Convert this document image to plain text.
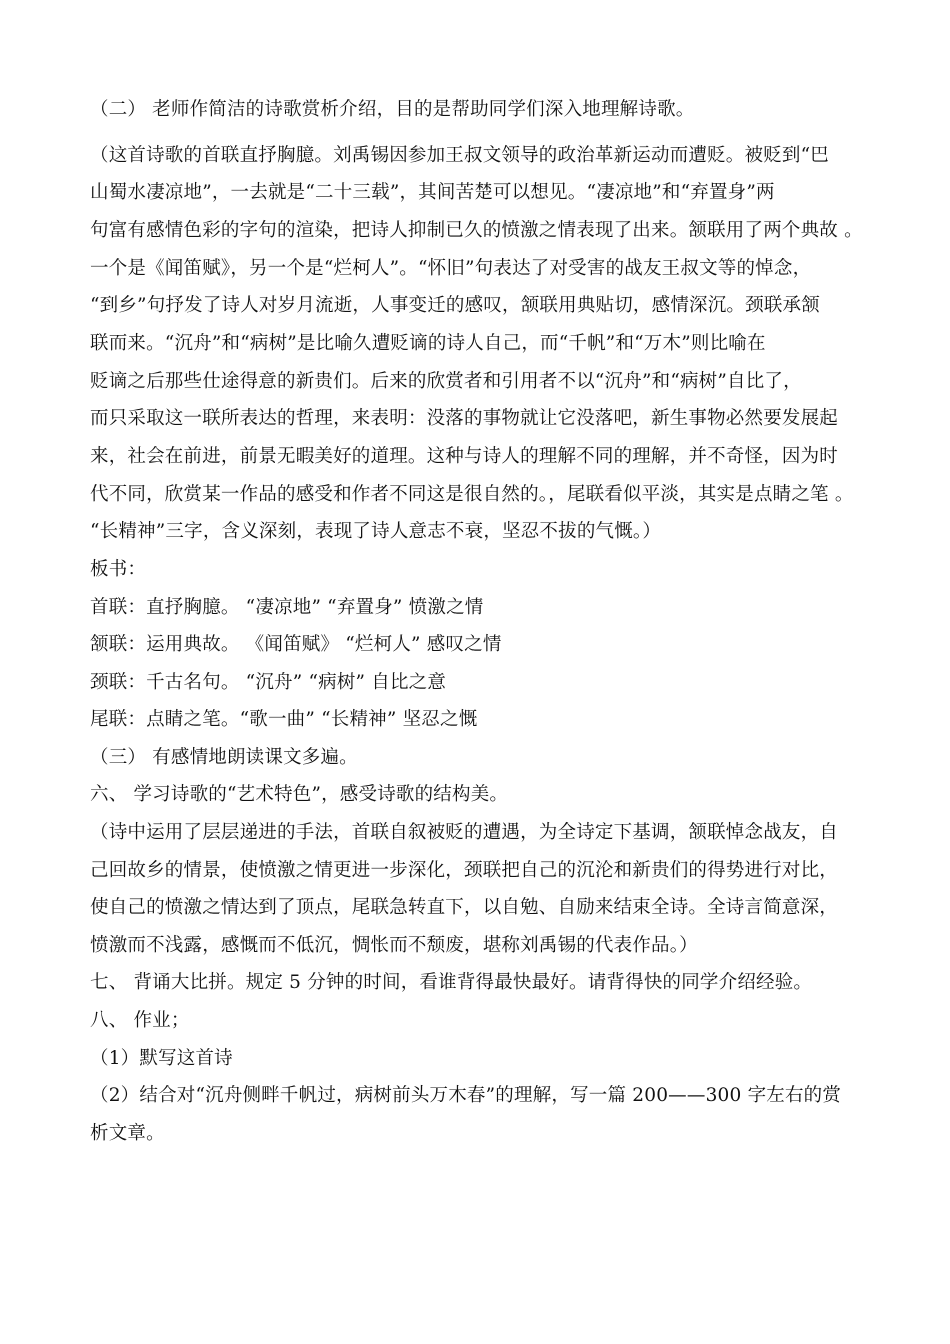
（二） 老师作简洁的诗歌赏析介绍，目的是帮助同学们深入地理解诗歌。
（这首诗歌的首联直抒胸臆。刘禹锡因参加王叔文领导的政治革新运动而遭贬。被贬到“巴
山蜀水凄凉地”，一去就是“二十三载”，其间苦楚可以想见。“凄凉地”和“弃置身”两
句富有感情色彩的字句的渲染，把诗人抑制已久的愤激之情表现了出来。颔联用了两个典故 。
一个是《闻笛赋》，另一个是“烂柯人”。“怀旧”句表达了对受害的战友王叔文等的悼念，
“到乡”句抒发了诗人对岁月流逝，人事变迁的感叹，颔联用典贴切，感情深沉。颈联承颔
联而来。“沉舟”和“病树”是比喻久遭贬谪的诗人自己，而“千帆”和“万木”则比喻在
贬谪之后那些仕途得意的新贵们。后来的欣赏者和引用者不以“沉舟”和“病树”自比了，
而只采取这一联所表达的哲理，来表明：没落的事物就让它没落吧，新生事物必然要发展起
来，社会在前进，前景无暇美好的道理。这种与诗人的理解不同的理解，并不奇怪，因为时
代不同，欣赏某一作品的感受和作者不同这是很自然的。，尾联看似平淡，其实是点睛之笔 。
“长精神”三字，含义深刻，表现了诗人意志不衰，坚忍不拔的气慨。）
板书：
首联：直抒胸臆。 “凄凉地” “弃置身” 愤激之情
颔联：运用典故。 《闻笛赋》 “烂柯人” 感叹之情
颈联：千古名句。 “沉舟” “病树” 自比之意
尾联：点睛之笔。“歌一曲” “长精神” 坚忍之慨
（三） 有感情地朗读课文多遍。
六、 学习诗歌的“艺术特色”，感受诗歌的结构美。
（诗中运用了层层递进的手法，首联自叙被贬的遭遇，为全诗定下基调，颔联悼念战友，自
己回故乡的情景，使愤激之情更进一步深化，颈联把自己的沉沦和新贵们的得势进行对比，
使自己的愤激之情达到了顶点，尾联急转直下，以自勉、自励来结束全诗。全诗言简意深，
愤激而不浅露，感慨而不低沉，惆怅而不颓废，堪称刘禹锡的代表作品。）
七、 背诵大比拼。规定 5 分钟的时间，看谁背得最快最好。请背得快的同学介绍经验。
八、 作业；
（1）默写这首诗
（2）结合对“沉舟侧畔千帆过，病树前头万木春”的理解，写一篇 200——300 字左右的赏
析文章。
